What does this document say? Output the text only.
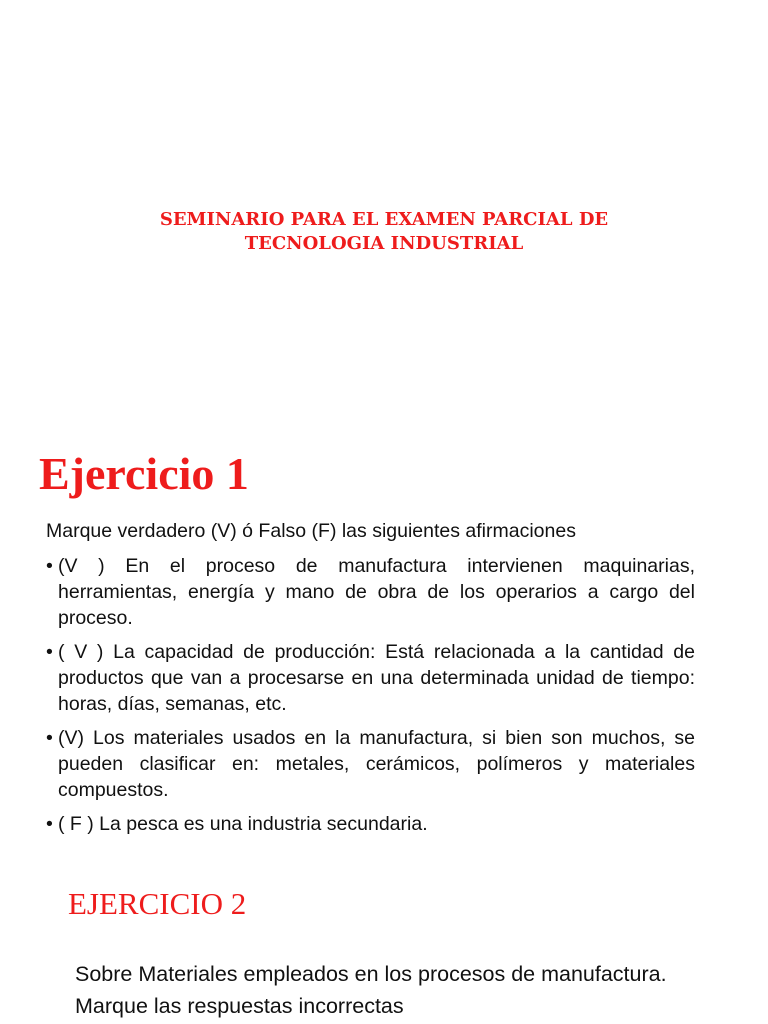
SEMINARIO PARA EL EXAMEN PARCIAL DE
TECNOLOGIA INDUSTRIAL
Ejercicio 1
Marque verdadero (V) ó Falso (F) las siguientes afirmaciones
• (V ) En el proceso de manufactura intervienen maquinarias, herramientas, energía y mano de obra de los operarios a cargo del proceso.
• ( V ) La capacidad de producción: Está relacionada a la cantidad de productos que van a procesarse en una determinada unidad de tiempo: horas, días, semanas, etc.
• (V) Los materiales usados en la manufactura, si bien son muchos, se pueden clasificar en: metales, cerámicos, polímeros y materiales compuestos.
• ( F ) La pesca es una industria secundaria.
EJERCICIO 2
Sobre Materiales empleados en los procesos de manufactura. Marque las respuestas incorrectas
